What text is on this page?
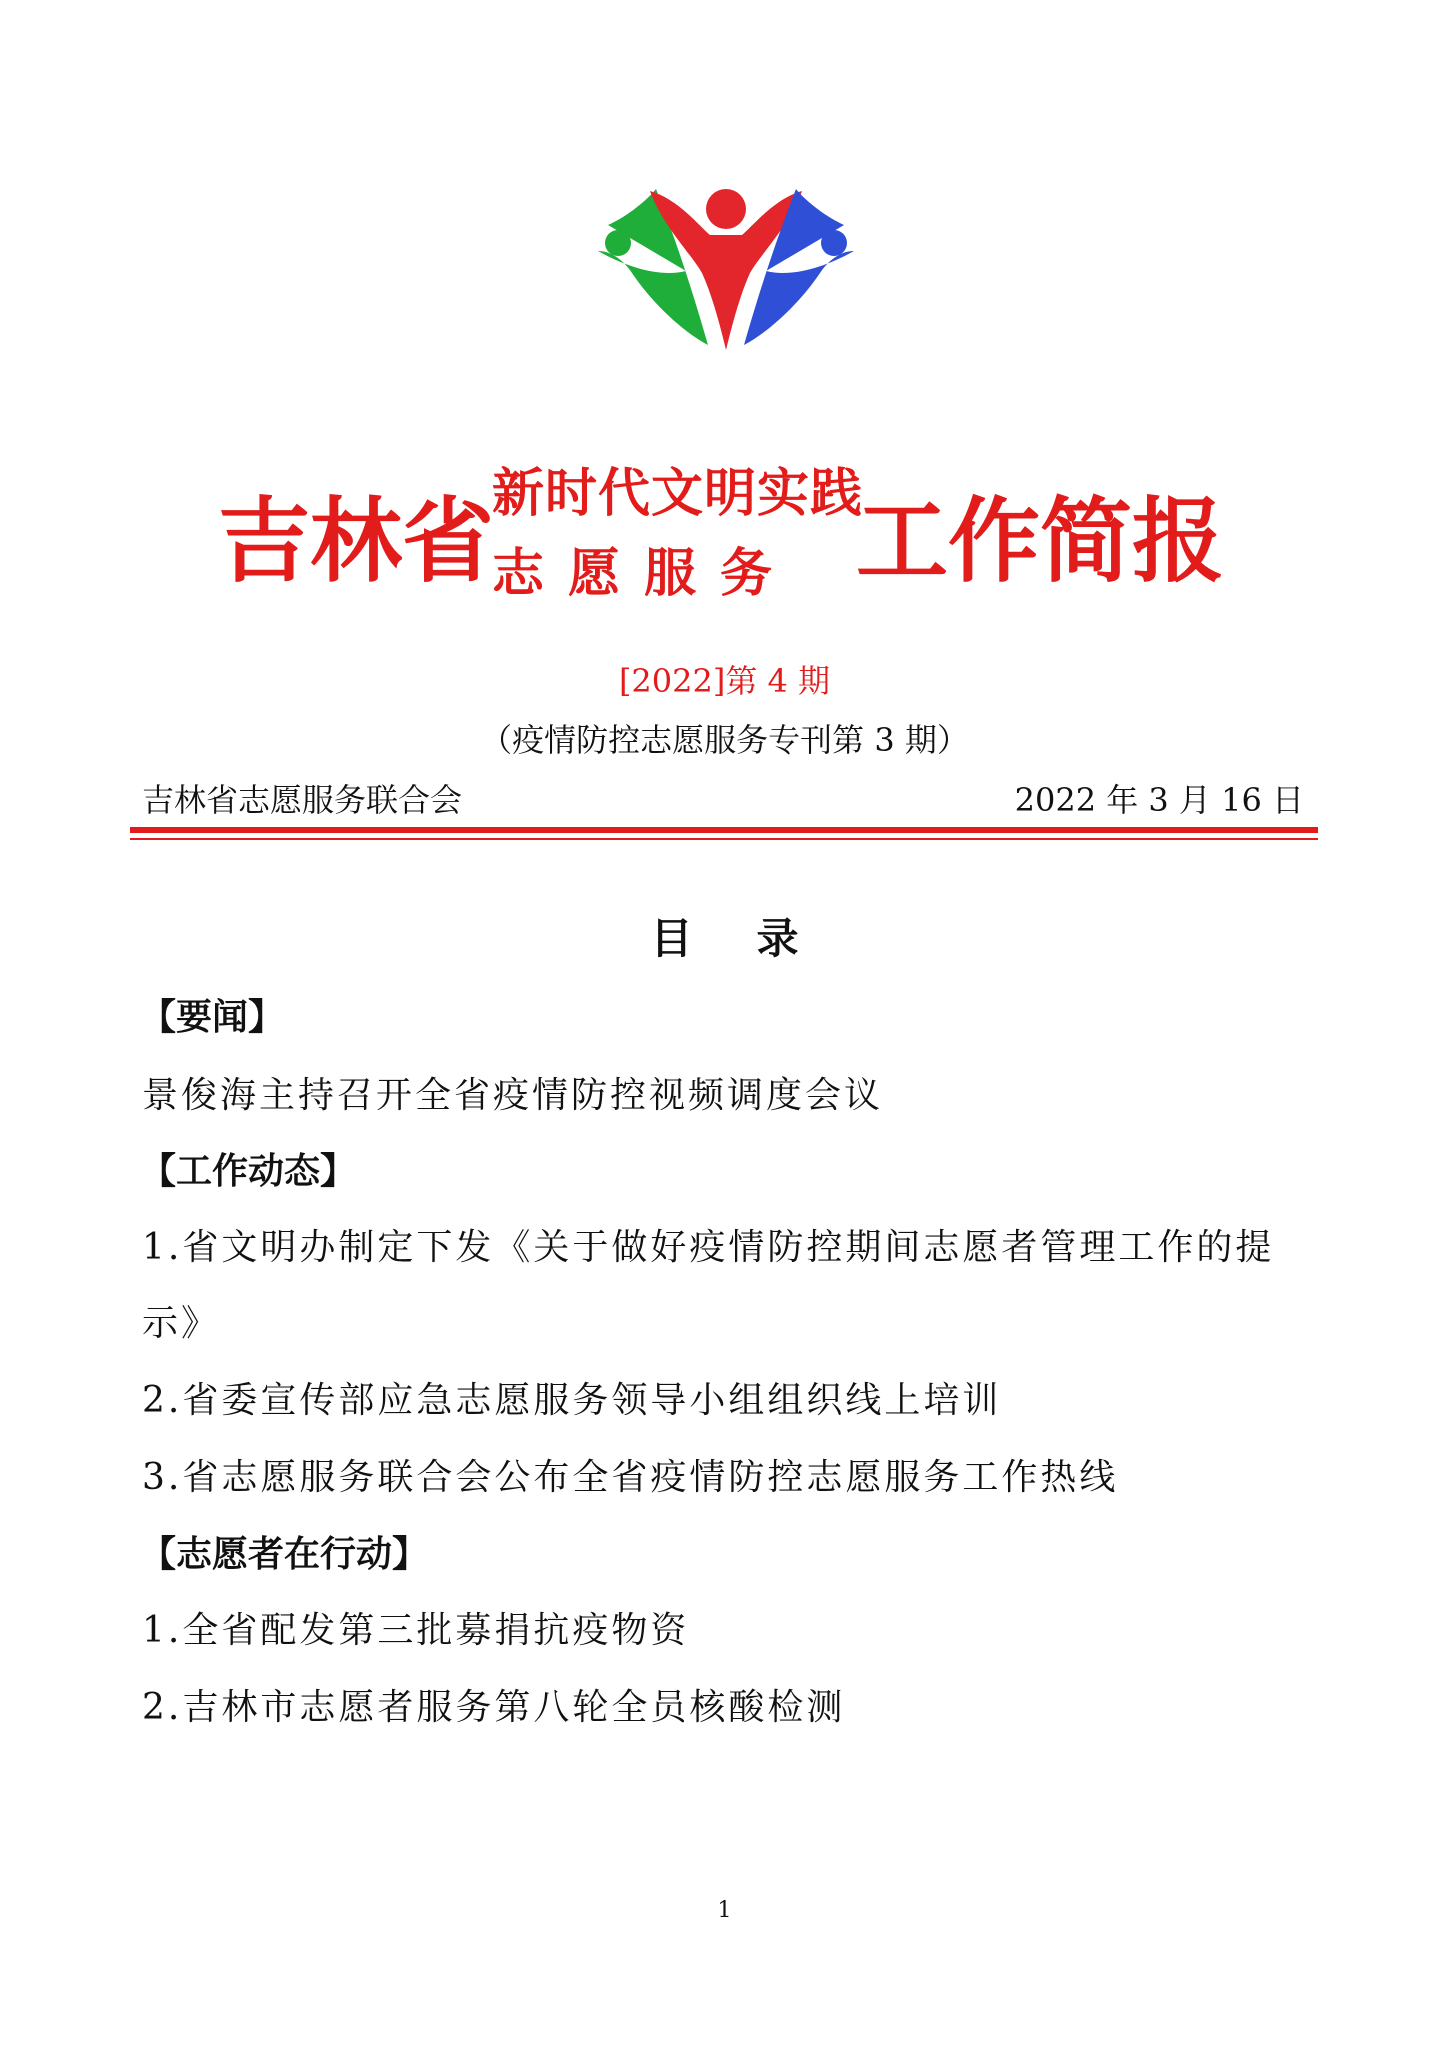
吉林省
新时代文明实践
志愿服务 工作简报
[2022]第 4 期
（疫情防控志愿服务专刊第 3 期）
吉林省志愿服务联合会	2022 年 3 月 16 日
目录
【要闻】
景俊海主持召开全省疫情防控视频调度会议
【工作动态】
1.省文明办制定下发《关于做好疫情防控期间志愿者管理工作的提
示》
2.省委宣传部应急志愿服务领导小组组织线上培训
3.省志愿服务联合会公布全省疫情防控志愿服务工作热线
【志愿者在行动】
1.全省配发第三批募捐抗疫物资
2.吉林市志愿者服务第八轮全员核酸检测
1
